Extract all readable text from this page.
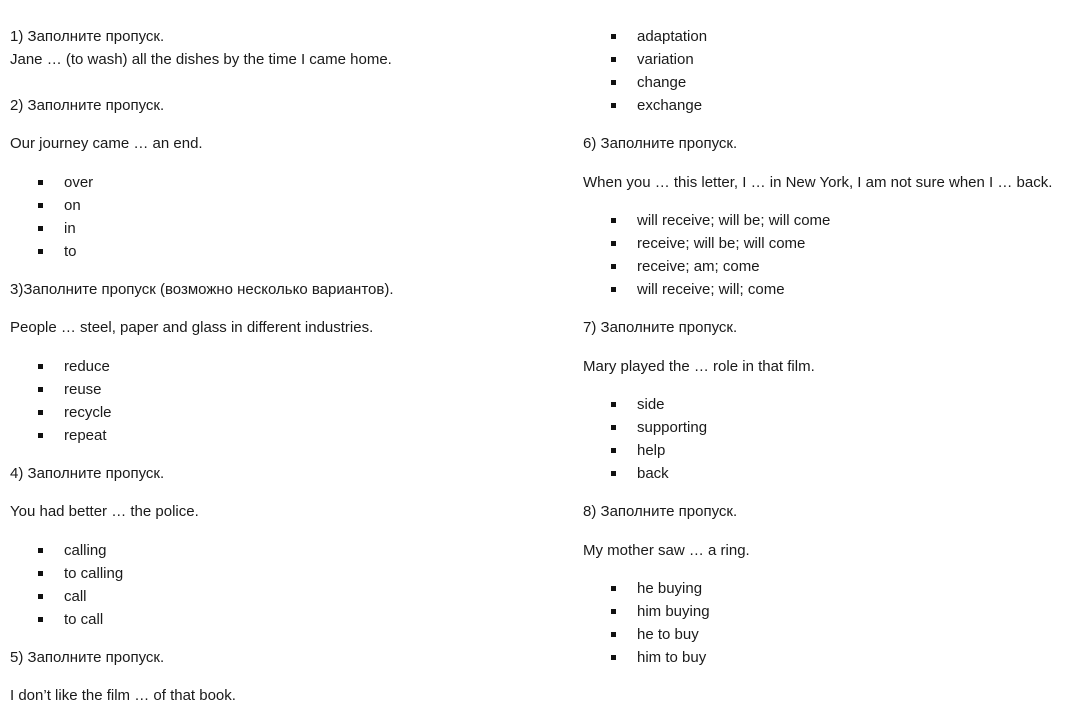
1) Заполните пропуск.
Jane … (to wash) all the dishes by the time I came home.
2) Заполните пропуск.
Our journey came … an end.
over
on
in
to
3)Заполните пропуск (возможно несколько вариантов).
People … steel, paper and glass in different industries.
reduce
reuse
recycle
repeat
4) Заполните пропуск.
You had better … the police.
calling
to calling
call
to call
5) Заполните пропуск.
I don’t like the film … of that book.
adaptation
variation
change
exchange
6) Заполните пропуск.
When you … this letter, I … in New York, I am not sure when I … back.
will receive; will be; will come
receive; will be; will come
receive; am; come
will receive; will; come
7) Заполните пропуск.
Mary played the … role in that film.
side
supporting
help
back
8) Заполните пропуск.
My mother saw … a ring.
he buying
him buying
he to buy
him to buy
